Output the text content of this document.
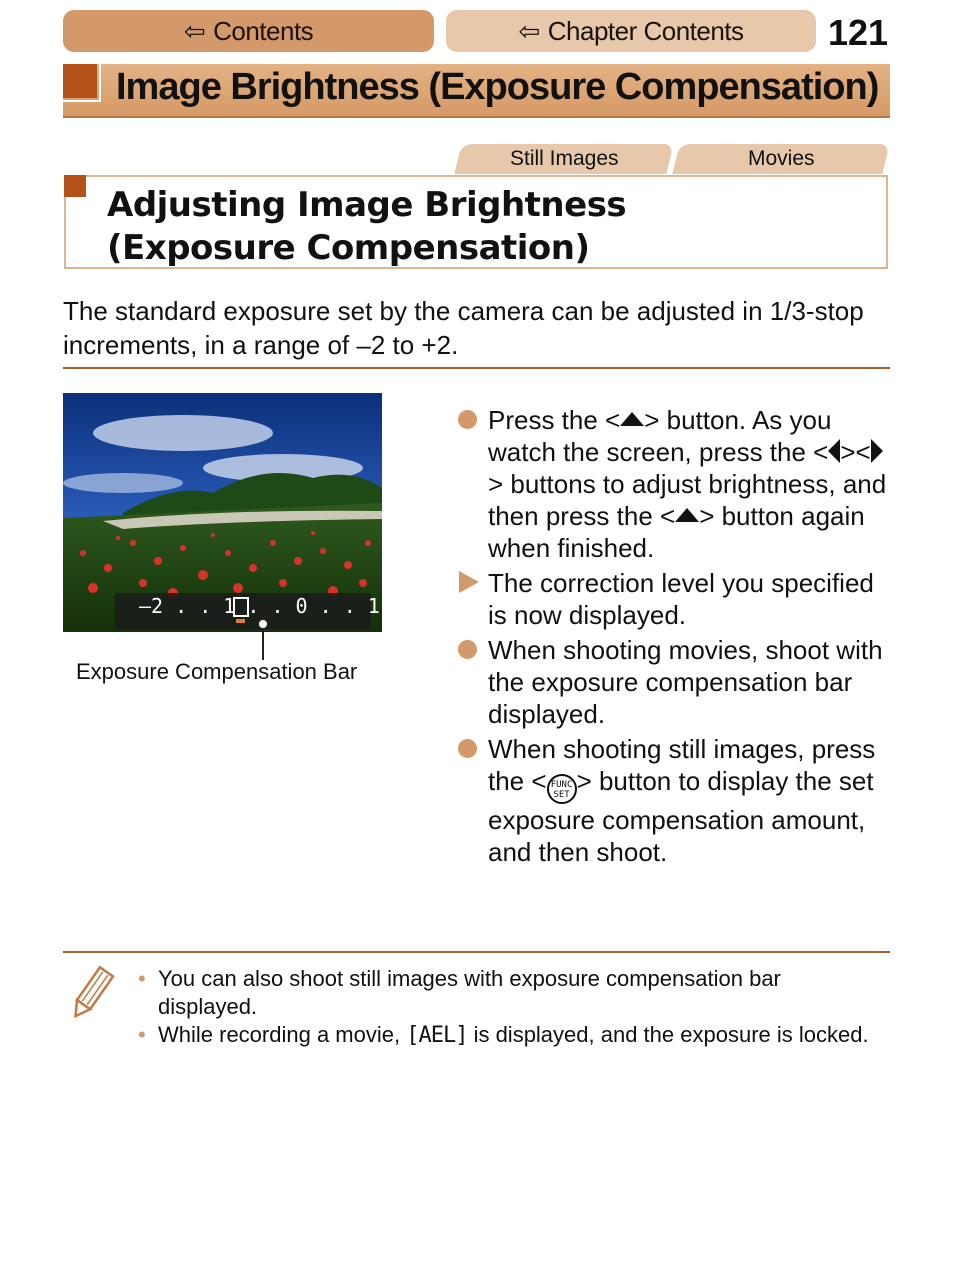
⇦ Contents	⇦ Chapter Contents 121
Image Brightness (Exposure Compensation)
Still Images	Movies
Adjusting Image Brightness
(Exposure Compensation)
The standard exposure set by the camera can be adjusted in 1/3-stop increments, in a range of –2 to +2.
–2 . . 1 . . 0 . . 1 . +2
Exposure Compensation Bar
Press the < > button. As you watch the screen, press the < ><> buttons to adjust brightness, and then press the < > button again when finished.
The correction level you specified is now displayed.
When shooting movies, shoot with the exposure compensation bar displayed.
When shooting still images, press the < FUNC
SET > button to display the set exposure compensation amount, and then shoot.
• You can also shoot still images with exposure compensation bar displayed.
• While recording a movie, [AEL] is displayed, and the exposure is locked.
